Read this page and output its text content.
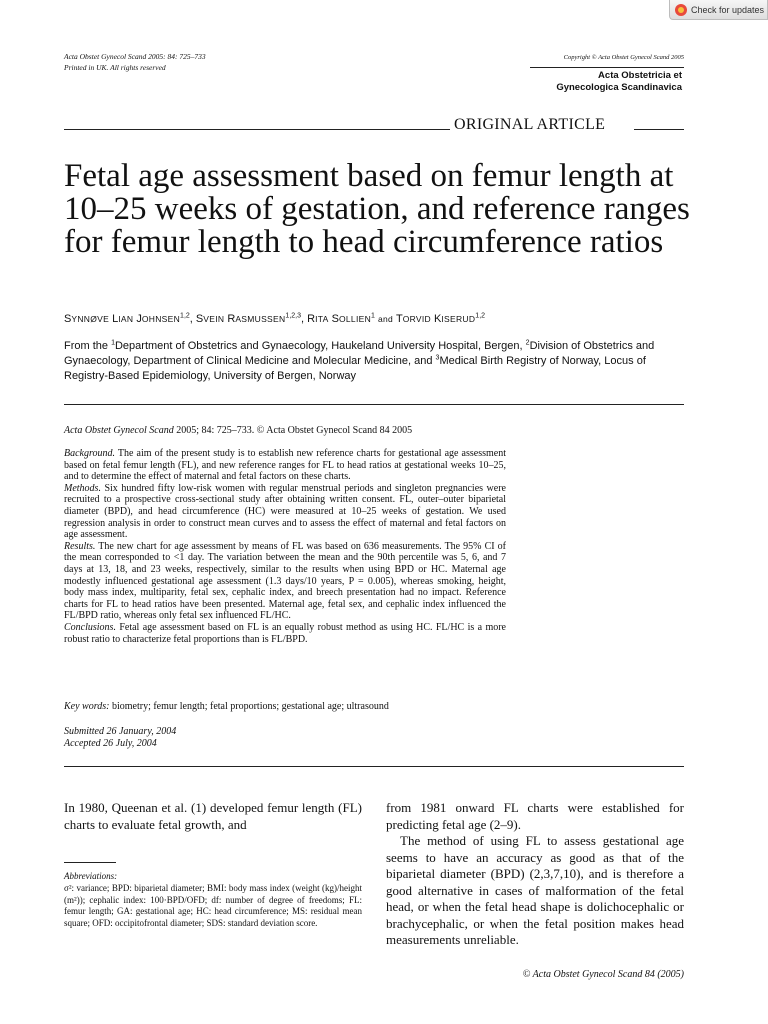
Check for updates
Acta Obstet Gynecol Scand 2005: 84: 725–733
Printed in UK. All rights reserved
Copyright © Acta Obstet Gynecol Scand 2005
Acta Obstetricia et
Gynecologica Scandinavica
ORIGINAL ARTICLE
Fetal age assessment based on femur length at 10–25 weeks of gestation, and reference ranges for femur length to head circumference ratios
SYNNØVE LIAN JOHNSEN$^{1,2}$, SVEIN RASMUSSEN$^{1,2,3}$, RITA SOLLIEN$^1$ and TORVID KISERUD$^{1,2}$
From the $^1$Department of Obstetrics and Gynaecology, Haukeland University Hospital, Bergen, $^2$Division of Obstetrics and Gynaecology, Department of Clinical Medicine and Molecular Medicine, and $^3$Medical Birth Registry of Norway, Locus of Registry-Based Epidemiology, University of Bergen, Norway
Acta Obstet Gynecol Scand 2005; 84: 725–733. © Acta Obstet Gynecol Scand 84 2005
Background. The aim of the present study is to establish new reference charts for gestational age assessment based on fetal femur length (FL), and new reference ranges for FL to head ratios at gestational weeks 10–25, and to determine the effect of maternal and fetal factors on these charts.
Methods. Six hundred fifty low-risk women with regular menstrual periods and singleton pregnancies were recruited to a prospective cross-sectional study after obtaining written consent. FL, outer–outer biparietal diameter (BPD), and head circumference (HC) were measured at 10–25 weeks of gestation. We used regression analysis in order to construct mean curves and to assess the effect of maternal and fetal factors on age assessment.
Results. The new chart for age assessment by means of FL was based on 636 measurements. The 95% CI of the mean corresponded to <1 day. The variation between the mean and the 90th percentile was 5, 6, and 7 days at 13, 18, and 23 weeks, respectively, similar to the results when using BPD or HC. Maternal age modestly influenced gestational age assessment (1.3 days/10 years, P = 0.005), whereas smoking, height, body mass index, multiparity, fetal sex, cephalic index, and breech presentation had no impact. Reference charts for FL to head ratios have been presented. Maternal age, fetal sex, and cephalic index influenced the FL/BPD ratio, whereas only fetal sex influenced FL/HC.
Conclusions. Fetal age assessment based on FL is an equally robust method as using HC. FL/HC is a more robust ratio to characterize fetal proportions than is FL/BPD.
Key words: biometry; femur length; fetal proportions; gestational age; ultrasound
Submitted 26 January, 2004
Accepted 26 July, 2004
In 1980, Queenan et al. (1) developed femur length (FL) charts to evaluate fetal growth, and
from 1981 onward FL charts were established for predicting fetal age (2–9).
The method of using FL to assess gestational age seems to have an accuracy as good as that of the biparietal diameter (BPD) (2,3,7,10), and is therefore a good alternative in cases of malformation of the fetal head, or when the fetal head shape is dolichocephalic or brachycephalic, or when the fetal position makes head measurements unreliable.
Abbreviations:
σ²: variance; BPD: biparietal diameter; BMI: body mass index (weight (kg)/height (m²)); cephalic index: 100·BPD/OFD; df: number of degree of freedoms; FL: femur length; GA: gestational age; HC: head circumference; MS: residual mean square; OFD: occipitofrontal diameter; SDS: standard deviation score.
© Acta Obstet Gynecol Scand 84 (2005)
